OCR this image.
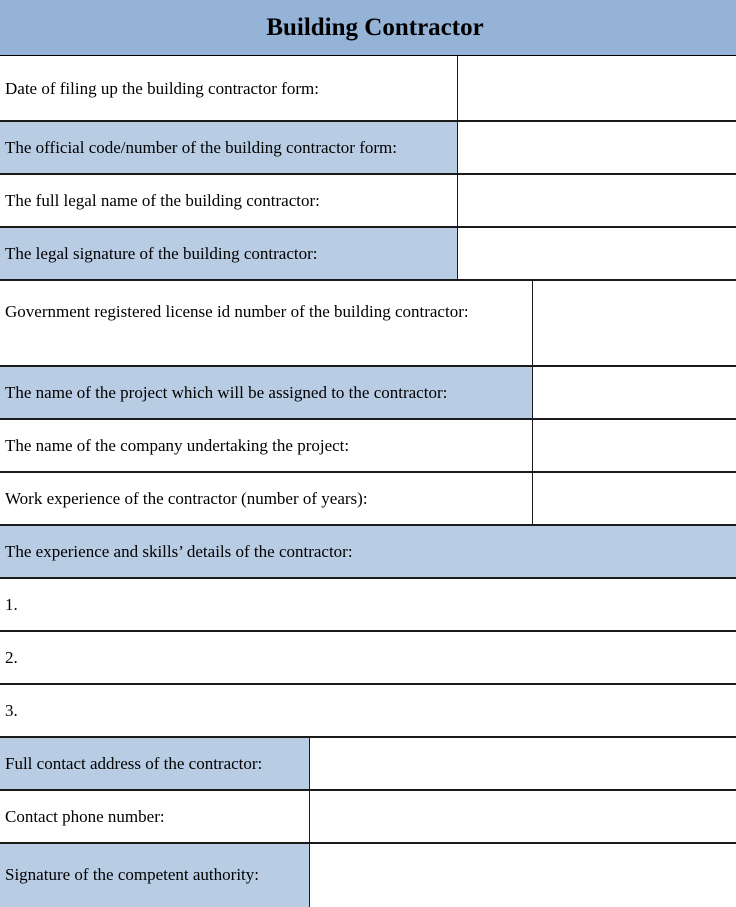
Building Contractor
Date of filing up the building contractor form:
The official code/number of the building contractor form:
The full legal name of the building contractor:
The legal signature of the building contractor:
Government registered license id number of the building contractor:
The name of the project which will be assigned to the contractor:
The name of the company undertaking the project:
Work experience of the contractor (number of years):
The experience and skills’ details of the contractor:
1.
2.
3.
Full contact address of the contractor:
Contact phone number:
Signature of the competent authority:
